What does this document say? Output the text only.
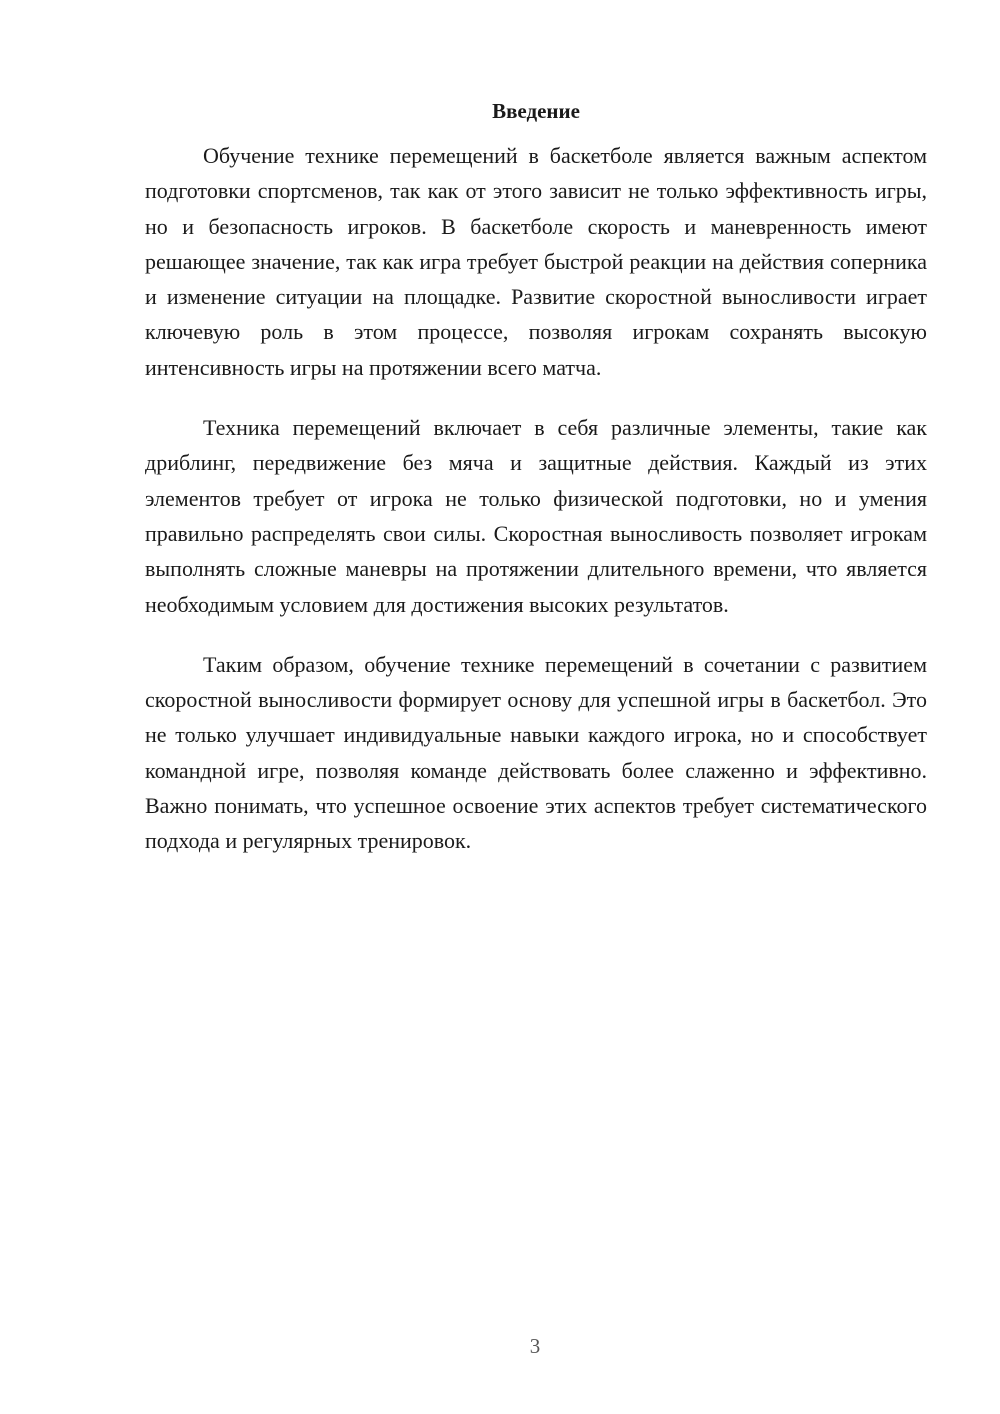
Введение

Обучение технике перемещений в баскетболе является важным аспектом подготовки спортсменов, так как от этого зависит не только эффективность игры, но и безопасность игроков. В баскетболе скорость и маневренность имеют решающее значение, так как игра требует быстрой реакции на действия соперника и изменение ситуации на площадке. Развитие скоростной выносливости играет ключевую роль в этом процессе, позволяя игрокам сохранять высокую интенсивность игры на протяжении всего матча.

Техника перемещений включает в себя различные элементы, такие как дриблинг, передвижение без мяча и защитные действия. Каждый из этих элементов требует от игрока не только физической подготовки, но и умения правильно распределять свои силы. Скоростная выносливость позволяет игрокам выполнять сложные маневры на протяжении длительного времени, что является необходимым условием для достижения высоких результатов.

Таким образом, обучение технике перемещений в сочетании с развитием скоростной выносливости формирует основу для успешной игры в баскетбол. Это не только улучшает индивидуальные навыки каждого игрока, но и способствует командной игре, позволяя команде действовать более слаженно и эффективно. Важно понимать, что успешное освоение этих аспектов требует систематического подхода и регулярных тренировок.

3
